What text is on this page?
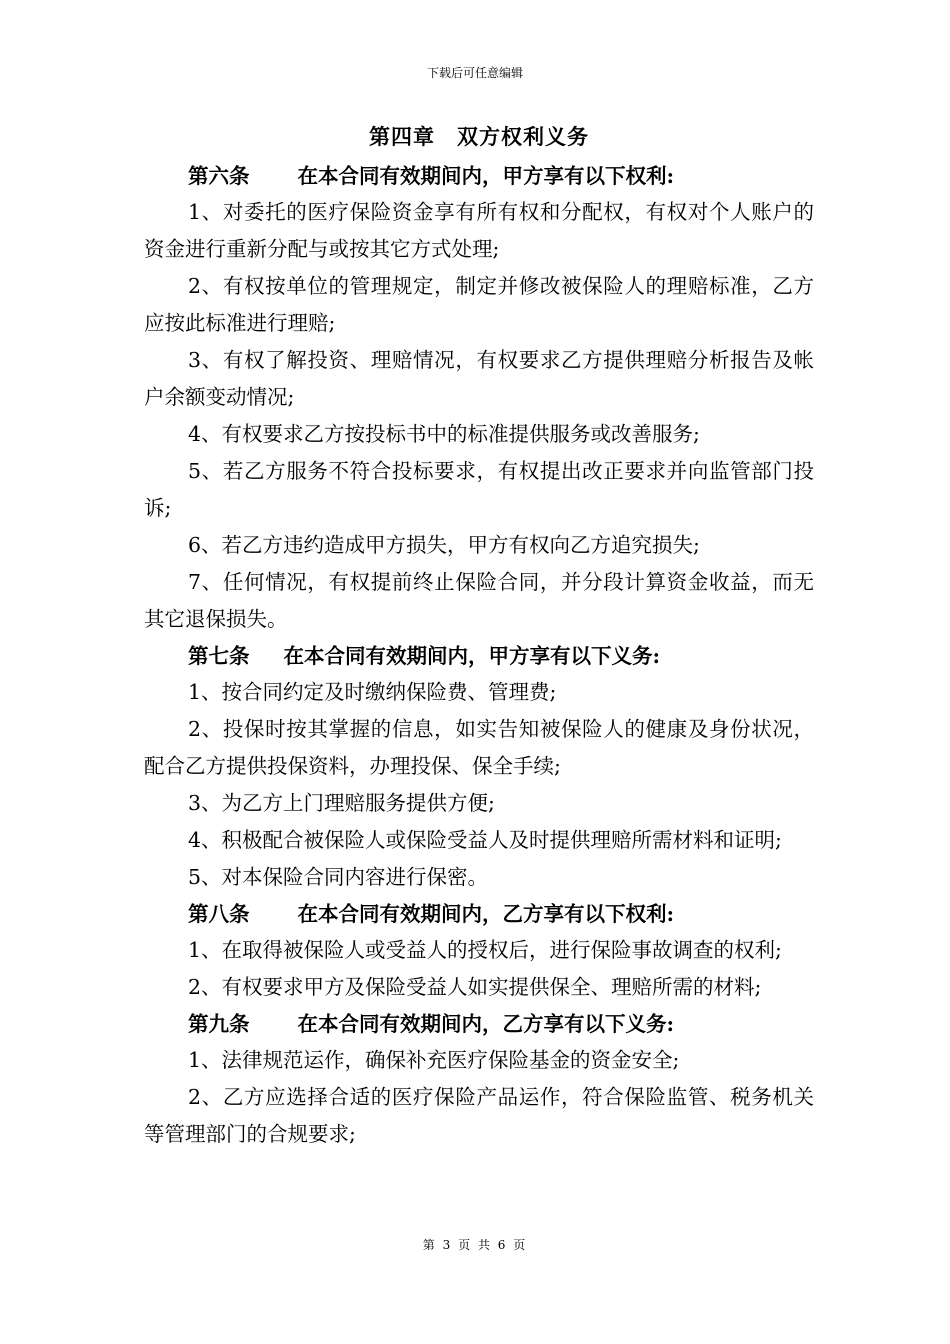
下载后可任意编辑
第四章　双方权利义务
第六条 在本合同有效期间内，甲方享有以下权利:

1、对委托的医疗保险资金享有所有权和分配权，有权对个人账户的资金进行重新分配与或按其它方式处理;

2、有权按单位的管理规定，制定并修改被保险人的理赔标准，乙方应按此标准进行理赔;

3、有权了解投资、理赔情况，有权要求乙方提供理赔分析报告及帐户余额变动情况;

4、有权要求乙方按投标书中的标准提供服务或改善服务;

5、若乙方服务不符合投标要求，有权提出改正要求并向监管部门投诉;

6、若乙方违约造成甲方损失，甲方有权向乙方追究损失;

7、任何情况，有权提前终止保险合同，并分段计算资金收益，而无其它退保损失。

第七条 在本合同有效期间内，甲方享有以下义务:

1、按合同约定及时缴纳保险费、管理费;

2、投保时按其掌握的信息，如实告知被保险人的健康及身份状况，配合乙方提供投保资料，办理投保、保全手续;

3、为乙方上门理赔服务提供方便;

4、积极配合被保险人或保险受益人及时提供理赔所需材料和证明;

5、对本保险合同内容进行保密。

第八条 在本合同有效期间内，乙方享有以下权利:

1、在取得被保险人或受益人的授权后，进行保险事故调查的权利;

2、有权要求甲方及保险受益人如实提供保全、理赔所需的材料;

第九条 在本合同有效期间内，乙方享有以下义务:

1、法律规范运作，确保补充医疗保险基金的资金安全;

2、乙方应选择合适的医疗保险产品运作，符合保险监管、税务机关等管理部门的合规要求;

第 3 页 共 6 页
